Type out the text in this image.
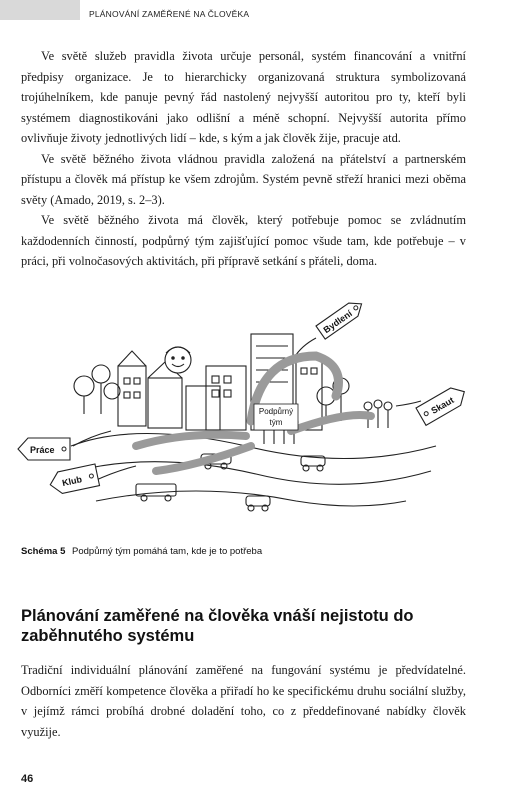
PLÁNOVÁNÍ ZAMĚŘENÉ NA ČLOVĚKA

Ve světě služeb pravidla života určuje personál, systém financování a vnitřní předpisy organizace. Je to hierarchicky organizovaná struktura symbolizovaná trojúhelníkem, kde panuje pevný řád nastolený nejvyšší autoritou pro ty, kteří byli systémem diagnostikováni jako odlišní a méně schopní. Nejvyšší autorita přímo ovlivňuje životy jednotlivých lidí – kde, s kým a jak člověk žije, pracuje atd.

Ve světě běžného života vládnou pravidla založená na přátelství a partnerském přístupu a člověk má přístup ke všem zdrojům. Systém pevně střeží hranici mezi oběma světy (Amado, 2019, s. 2–3).

Ve světě běžného života má člověk, který potřebuje pomoc se zvládnutím každodenních činností, podpůrný tým zajišťující pomoc všude tam, kde potřebuje – v práci, při volnočasových aktivitách, při přípravě setkání s přáteli, doma.

Podpůrný
tým
Bydlení
Skaut
Práce
Klub
Schéma 5 Podpůrný tým pomáhá tam, kde je to potřeba
Plánování zaměřené na člověka vnáší nejistotu do zaběhnutého systému

Tradiční individuální plánování zaměřené na fungování systému je předvídatelné. Odborníci změří kompetence člověka a přiřadí ho ke specifickému druhu sociální služby, v jejímž rámci probíhá drobné doladění toho, co z předdefinované nabídky člověk využije.

46
